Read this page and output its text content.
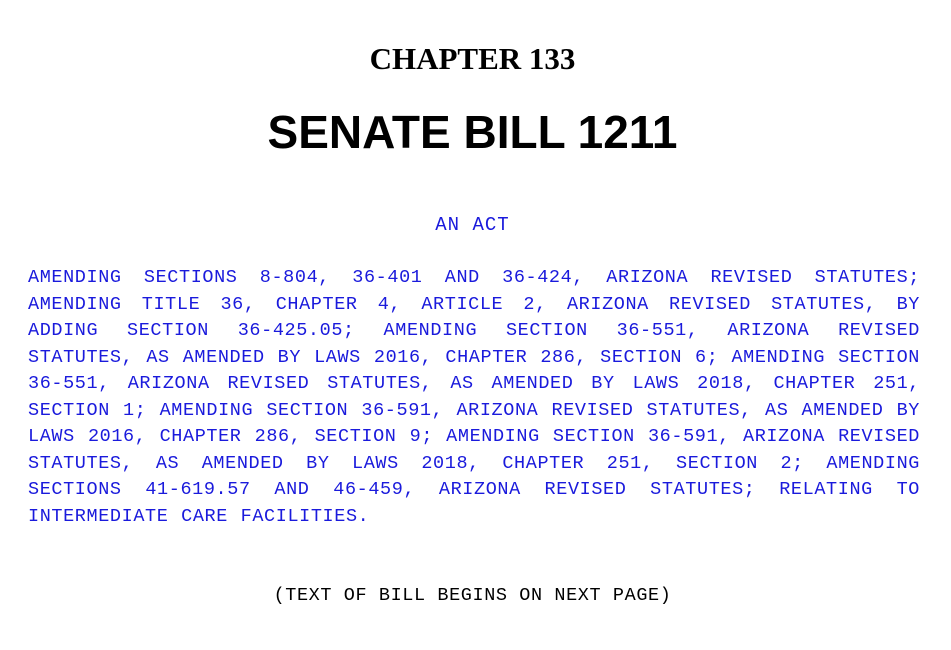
CHAPTER 133
SENATE BILL 1211
AN ACT
AMENDING SECTIONS 8-804, 36-401 AND 36-424, ARIZONA REVISED STATUTES; AMENDING TITLE 36, CHAPTER 4, ARTICLE 2, ARIZONA REVISED STATUTES, BY ADDING SECTION 36-425.05; AMENDING SECTION 36-551, ARIZONA REVISED STATUTES, AS AMENDED BY LAWS 2016, CHAPTER 286, SECTION 6; AMENDING SECTION 36-551, ARIZONA REVISED STATUTES, AS AMENDED BY LAWS 2018, CHAPTER 251, SECTION 1; AMENDING SECTION 36-591, ARIZONA REVISED STATUTES, AS AMENDED BY LAWS 2016, CHAPTER 286, SECTION 9; AMENDING SECTION 36-591, ARIZONA REVISED STATUTES, AS AMENDED BY LAWS 2018, CHAPTER 251, SECTION 2; AMENDING SECTIONS 41-619.57 AND 46-459, ARIZONA REVISED STATUTES; RELATING TO INTERMEDIATE CARE FACILITIES.
(TEXT OF BILL BEGINS ON NEXT PAGE)
